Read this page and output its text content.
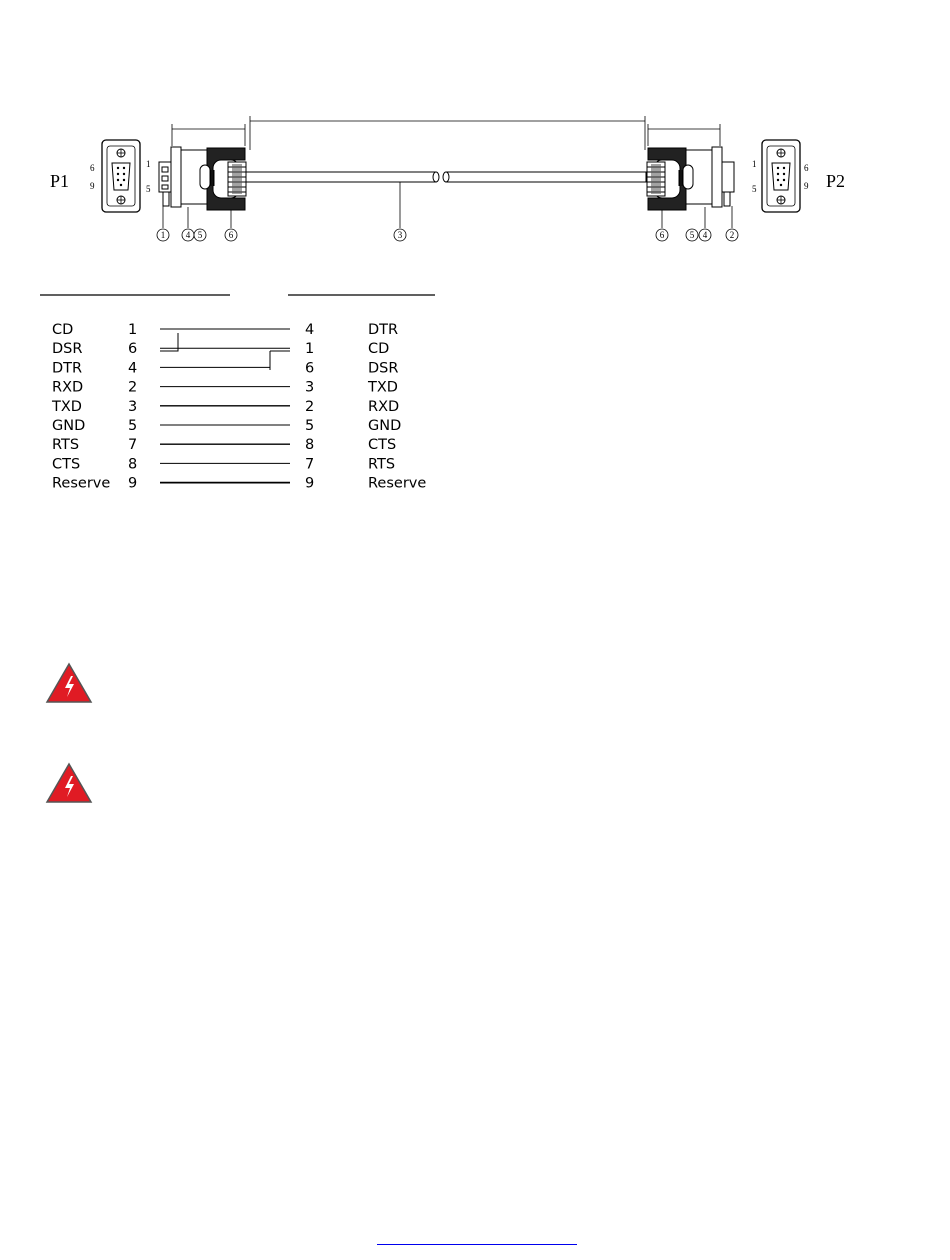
P1
6	1
9	5	P2
1	6
5	9
1 4 5	6	3	6	5 4	2
CD	1	4	DTR
DSR	6	1	CD
DTR	4	6	DSR
RXD	2	3	TXD
TXD	3	2	RXD
GND	5	5	GND
RTS	7	8	CTS
CTS	8	7	RTS
Reserve 9	9	Reserve
